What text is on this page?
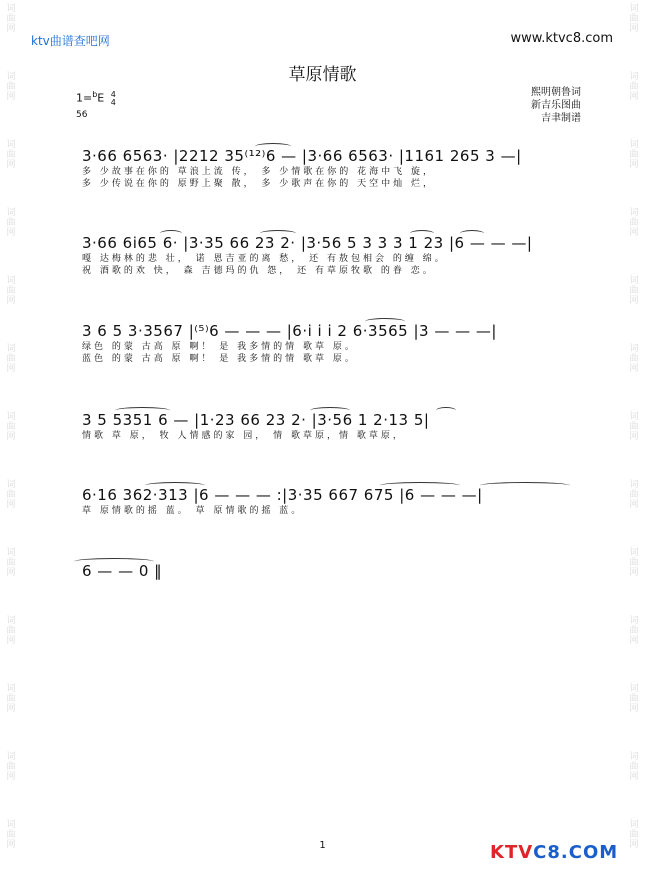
词
曲
网
词
曲
网
词
曲
网
词
曲
网
词
曲
网
词
曲
网
词
曲
网
词
曲
网
词
曲
网
词
曲
网
词
曲
网
词
曲
网
词
曲
网
词
曲
网
词
曲
网
词
曲
网
词
曲
网
词
曲
网
词
曲
网
词
曲
网
词
曲
网
词
曲
网
词
曲
网
词
曲
网
词
曲
网
词
曲
网
ktv曲谱查吧网	www.ktvc8.com
草原情歌
1=$^b$E 4
4
56
熙明朝鲁词
新吉乐图曲
吉聿制谱
3·66 6563· |2212 35⁽¹²⁾6 — |3·66 6563· |1161 265 3 —|
多 少故事在你的 草浪上流 传， 多 少情歌在你的 花海中飞 旋，
多 少传说在你的 原野上聚 散， 多 少歌声在你的 天空中灿 烂，
3·66 6i65 6· |3·35 66 23 2· |3·56 5 3 3 3 1 23 |6 — — —|
嘎 达梅林的悲 壮， 诺 恩吉亚的离 愁， 还 有敖包相会 的缠 绵。
祝 酒歌的欢 快， 森 吉德玛的仇 怨， 还 有草原牧歌 的眷 恋。
3 6 5 3·3567 |⁽⁵⁾6 — — — |6·i i i 2 6·3565 |3 — — —|
绿色 的蒙 古高 原 啊！ 是 我多情的情 歌草 原。
蓝色 的蒙 古高 原 啊！ 是 我多情的情 歌草 原。
3 5 5351 6 — |1·23 66 23 2· |3·56 1 2·13 5|
情歌 草 原， 牧 人情感的家 园， 情 歌草原，情 歌草原，
6·16 362·313 |6 — — — :|3·35 667 675 |6 — — —|
草 原情歌的摇 蓝。 草 原情歌的摇 蓝。
6 — — 0 ‖
1	KTVC8.COM
